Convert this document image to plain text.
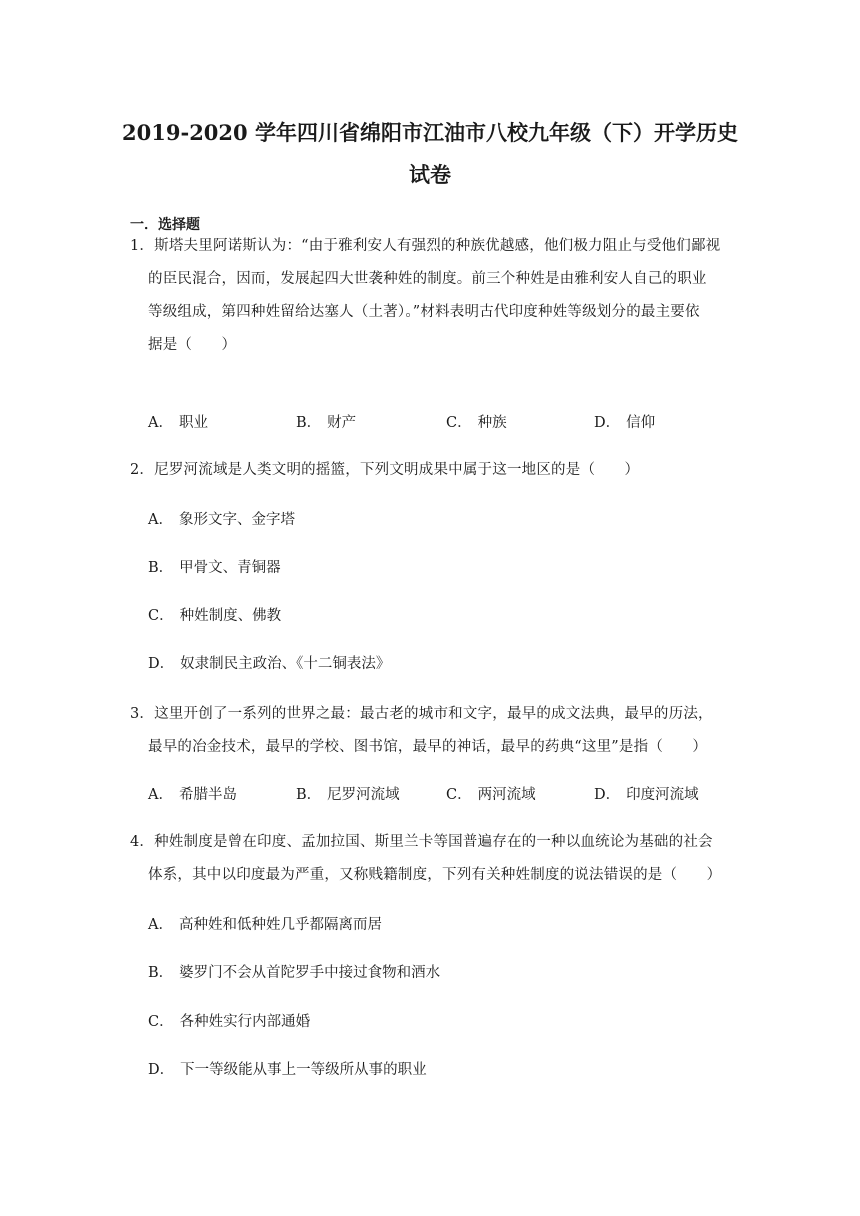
2019-2020 学年四川省绵阳市江油市八校九年级（下）开学历史
试卷
一．选择题
1．斯塔夫里阿诺斯认为：“由于雅利安人有强烈的种族优越感，他们极力阻止与受他们鄙视
的臣民混合，因而，发展起四大世袭种姓的制度。前三个种姓是由雅利安人自己的职业
等级组成，第四种姓留给达塞人（土著）。”材料表明古代印度种姓等级划分的最主要依
据是（　　）
A． 职业	B． 财产	C． 种族	D． 信仰
2．尼罗河流域是人类文明的摇篮，下列文明成果中属于这一地区的是（　　）
A． 象形文字、金字塔
B． 甲骨文、青铜器
C． 种姓制度、佛教
D． 奴隶制民主政治、《十二铜表法》
3．这里开创了一系列的世界之最：最古老的城市和文字，最早的成文法典，最早的历法，
最早的冶金技术，最早的学校、图书馆，最早的神话，最早的药典“这里”是指（　　）
A． 希腊半岛	B． 尼罗河流域	C． 两河流域	D． 印度河流域
4．种姓制度是曾在印度、孟加拉国、斯里兰卡等国普遍存在的一种以血统论为基础的社会
体系，其中以印度最为严重，又称贱籍制度，下列有关种姓制度的说法错误的是（　　）
A． 高种姓和低种姓几乎都隔离而居
B． 婆罗门不会从首陀罗手中接过食物和酒水
C． 各种姓实行内部通婚
D． 下一等级能从事上一等级所从事的职业
